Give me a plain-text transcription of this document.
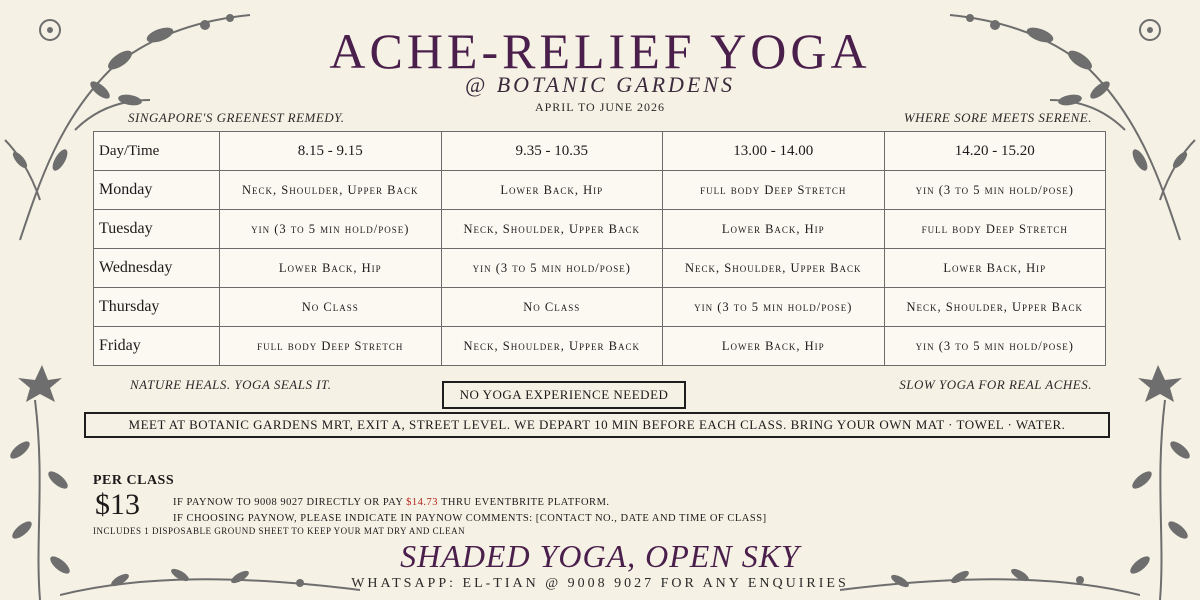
ACHE-RELIEF YOGA
@ BOTANIC GARDENS
APRIL TO JUNE 2026
SINGAPORE'S GREENEST REMEDY.	WHERE SORE MEETS SERENE.
Day/Time	8.15 - 9.15	9.35 - 10.35	13.00 - 14.00	14.20 - 15.20
Monday	Neck, Shoulder, Upper Back	Lower Back, Hip	full body Deep Stretch	yin (3 to 5 min hold/pose)
Tuesday	yin (3 to 5 min hold/pose)	Neck, Shoulder, Upper Back	Lower Back, Hip	full body Deep Stretch
Wednesday	Lower Back, Hip	yin (3 to 5 min hold/pose)	Neck, Shoulder, Upper Back	Lower Back, Hip
Thursday	No Class	No Class	yin (3 to 5 min hold/pose)	Neck, Shoulder, Upper Back
Friday	full body Deep Stretch	Neck, Shoulder, Upper Back	Lower Back, Hip	yin (3 to 5 min hold/pose)
NATURE HEALS. YOGA SEALS IT.	SLOW YOGA FOR REAL ACHES.
NO YOGA EXPERIENCE NEEDED
MEET AT BOTANIC GARDENS MRT, EXIT A, STREET LEVEL. WE DEPART 10 MIN BEFORE EACH CLASS. BRING YOUR OWN MAT · TOWEL · WATER.
PER CLASS
$13	IF PAYNOW TO 9008 9027 DIRECTLY OR PAY $14.73 THRU EVENTBRITE PLATFORM.
IF CHOOSING PAYNOW, PLEASE INDICATE IN PAYNOW COMMENTS: [CONTACT NO., DATE AND TIME OF CLASS]
INCLUDES 1 DISPOSABLE GROUND SHEET TO KEEP YOUR MAT DRY AND CLEAN
SHADED YOGA, OPEN SKY
WHATSAPP: EL-TIAN @ 9008 9027 FOR ANY ENQUIRIES
